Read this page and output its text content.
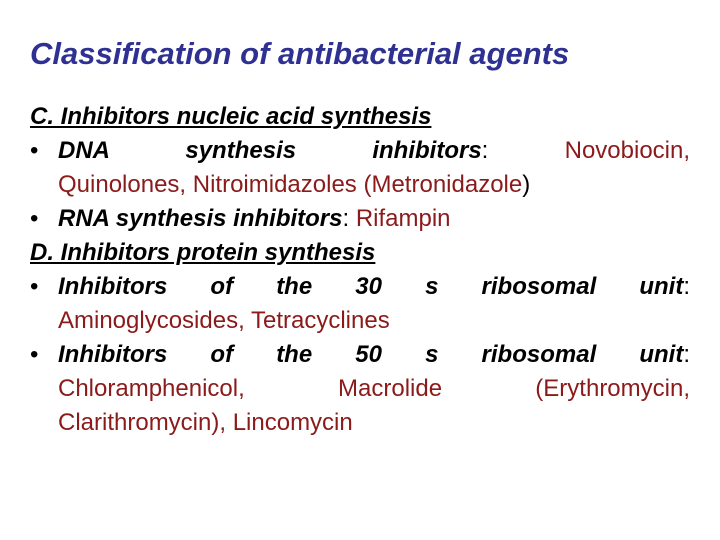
Classification of antibacterial agents
C. Inhibitors nucleic acid synthesis
• DNA synthesis inhibitors:	Novobiocin,
Quinolones, Nitroimidazoles (Metronidazole)
• RNA synthesis inhibitors: Rifampin
D. Inhibitors protein synthesis
• Inhibitors of the 30 s ribosomal unit:
Aminoglycosides, Tetracyclines
• Inhibitors of the 50 s ribosomal unit:
Chloramphenicol, Macrolide (Erythromycin,
Clarithromycin), Lincomycin
